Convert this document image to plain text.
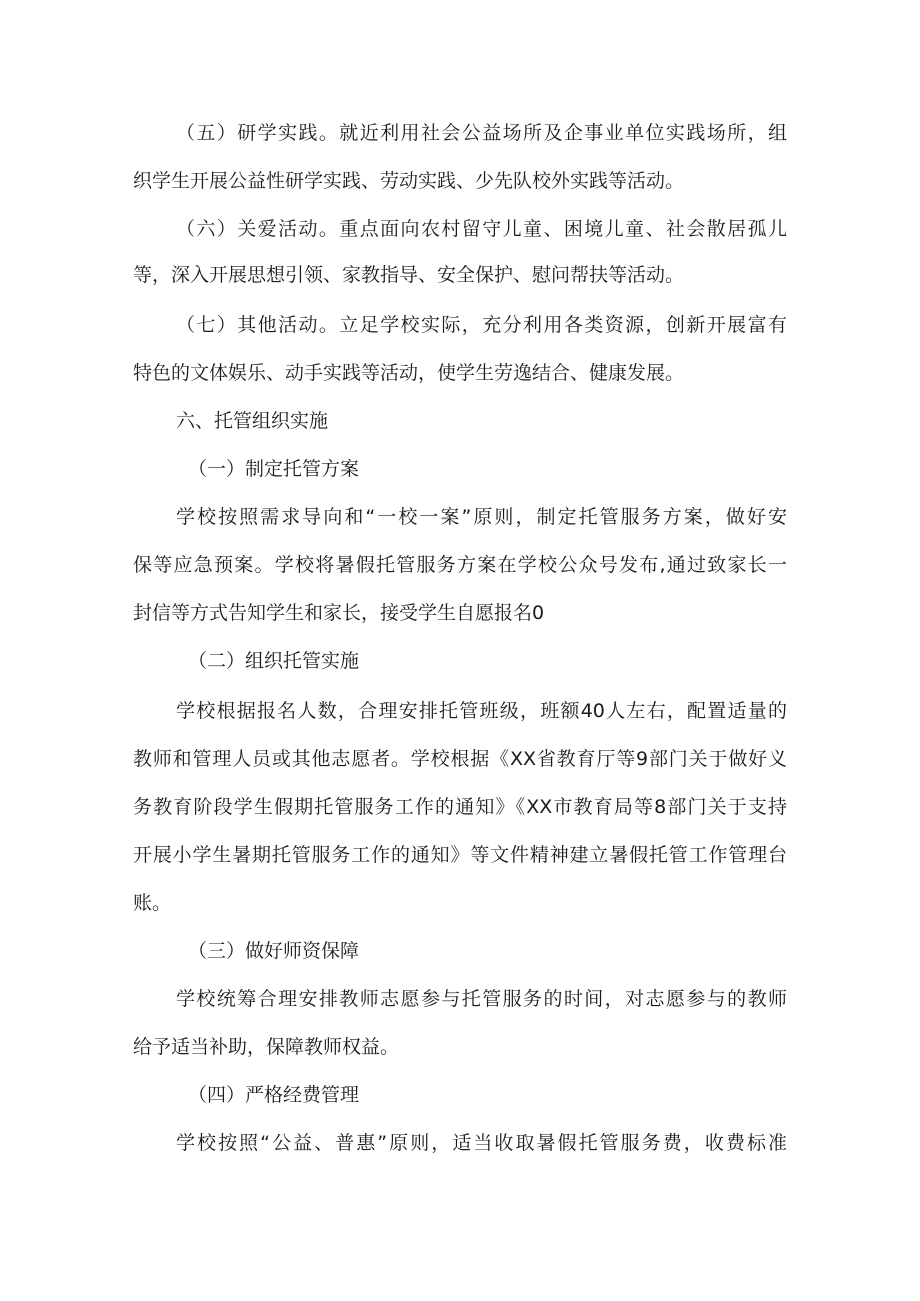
（五）研学实践。就近利用社会公益场所及企事业单位实践场所，组
织学生开展公益性研学实践、劳动实践、少先队校外实践等活动。
（六）关爱活动。重点面向农村留守儿童、困境儿童、社会散居孤儿
等，深入开展思想引领、家教指导、安全保护、慰问帮扶等活动。
（七）其他活动。立足学校实际，充分利用各类资源，创新开展富有
特色的文体娱乐、动手实践等活动，使学生劳逸结合、健康发展。
六、托管组织实施
（一）制定托管方案
学校按照需求导向和“一校一案”原则，制定托管服务方案，做好安
保等应急预案。学校将暑假托管服务方案在学校公众号发布,通过致家长一
封信等方式告知学生和家长，接受学生自愿报名0
（二）组织托管实施
学校根据报名人数，合理安排托管班级，班额40人左右，配置适量的
教师和管理人员或其他志愿者。学校根据《XX省教育厅等9部门关于做好义
务教育阶段学生假期托管服务工作的通知》《XX市教育局等8部门关于支持
开展小学生暑期托管服务工作的通知》等文件精神建立暑假托管工作管理台
账。
（三）做好师资保障
学校统筹合理安排教师志愿参与托管服务的时间，对志愿参与的教师
给予适当补助，保障教师权益。
（四）严格经费管理
学校按照“公益、普惠”原则，适当收取暑假托管服务费，收费标准
